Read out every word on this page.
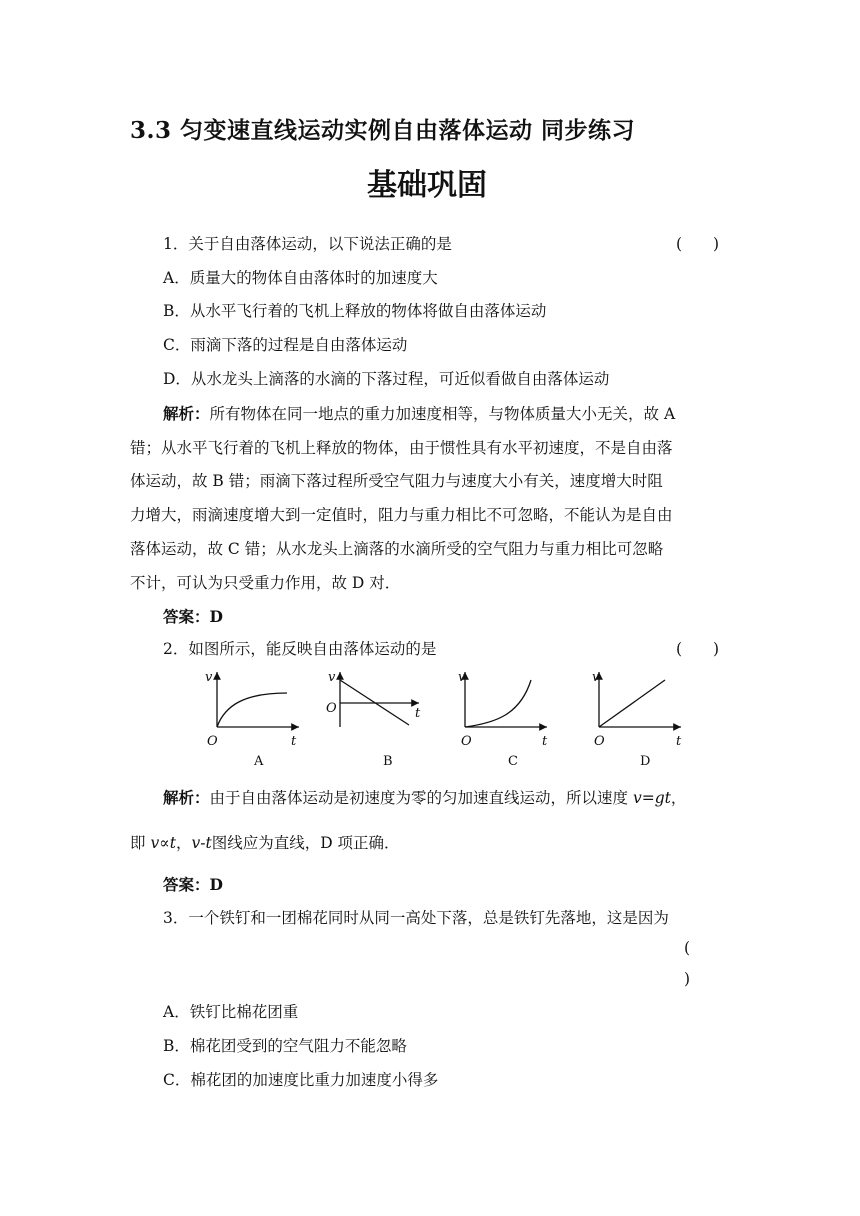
3.3 匀变速直线运动实例自由落体运动 同步练习
基础巩固
1．关于自由落体运动，以下说法正确的是	(　　)
A．质量大的物体自由落体时的加速度大
B．从水平飞行着的飞机上释放的物体将做自由落体运动
C．雨滴下落的过程是自由落体运动
D．从水龙头上滴落的水滴的下落过程，可近似看做自由落体运动
解析：所有物体在同一地点的重力加速度相等，与物体质量大小无关，故 A
错；从水平飞行着的飞机上释放的物体，由于惯性具有水平初速度，不是自由落
体运动，故 B 错；雨滴下落过程所受空气阻力与速度大小有关，速度增大时阻
力增大，雨滴速度增大到一定值时，阻力与重力相比不可忽略，不能认为是自由
落体运动，故 C 错；从水龙头上滴落的水滴所受的空气阻力与重力相比可忽略
不计，可认为只受重力作用，故 D 对．
答案：D
2．如图所示，能反映自由落体运动的是	(　　)
v
O	t
A
v
O	t
B
v
O	t
C
v
O	t
D
解析：由于自由落体运动是初速度为零的匀加速直线运动，所以速度 v=gt，
即 v∝t，v-t图线应为直线，D 项正确．
答案：D
3．一个铁钉和一团棉花同时从同一高处下落，总是铁钉先落地，这是因为
(
)
A．铁钉比棉花团重
B．棉花团受到的空气阻力不能忽略
C．棉花团的加速度比重力加速度小得多
